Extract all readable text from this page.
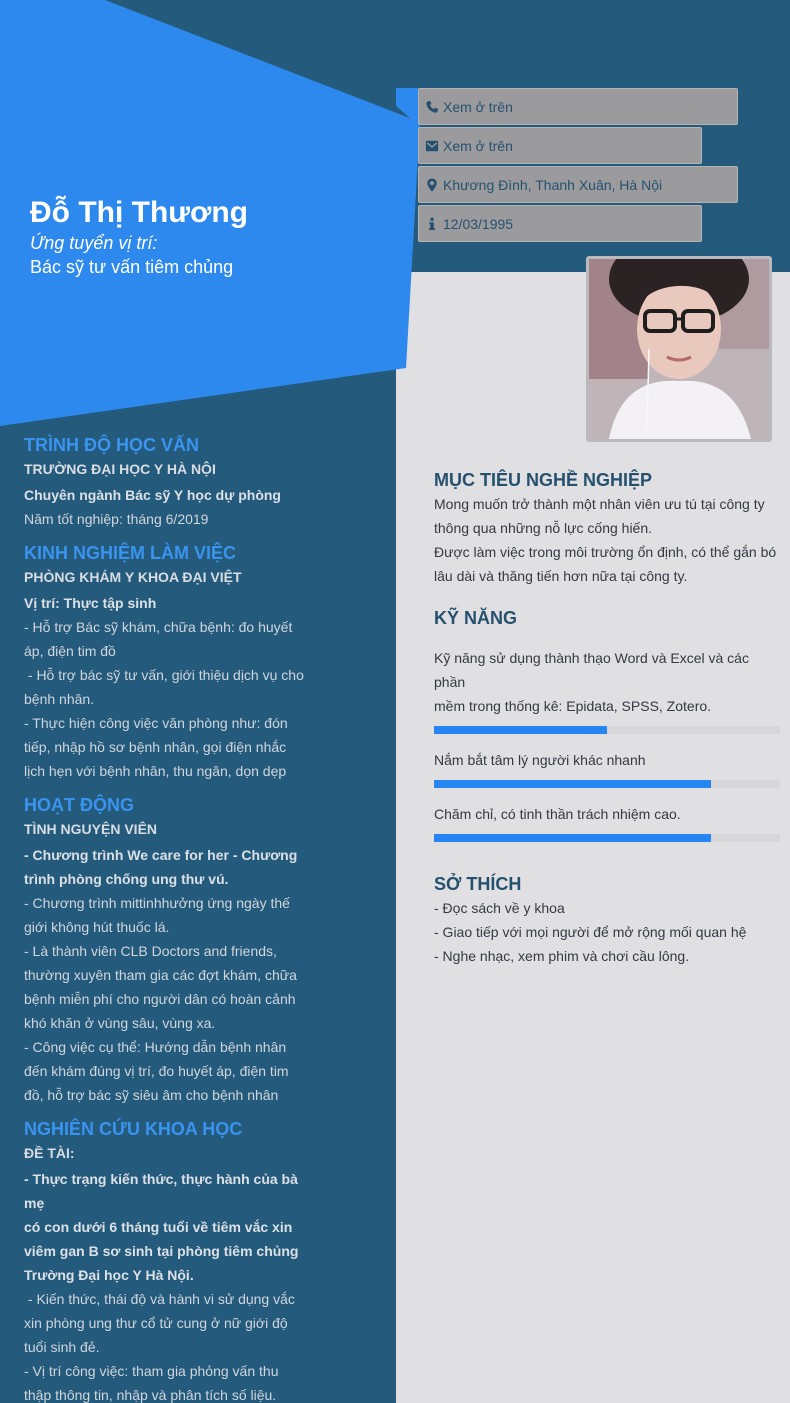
Đỗ Thị Thương
Ứng tuyển vị trí:
Bác sỹ tư vấn tiêm chủng
Xem ở trên
Xem ở trên
Khương Đình, Thanh Xuân, Hà Nội
12/03/1995
TRÌNH ĐỘ HỌC VẤN
TRƯỜNG ĐẠI HỌC Y HÀ NỘI
Chuyên ngành Bác sỹ Y học dự phòng
Năm tốt nghiệp: tháng 6/2019
KINH NGHIỆM LÀM VIỆC
PHÒNG KHÁM Y KHOA ĐẠI VIỆT
Vị trí: Thực tập sinh
- Hỗ trợ Bác sỹ khám, chữa bệnh: đo huyết
áp, điện tim đồ
- Hỗ trợ bác sỹ tư vấn, giới thiệu dịch vụ cho
bệnh nhân.
- Thực hiện công việc văn phòng như: đón
tiếp, nhập hồ sơ bệnh nhân, gọi điện nhắc
lịch hẹn với bệnh nhân, thu ngân, dọn dẹp
HOẠT ĐỘNG
TÌNH NGUYỆN VIÊN
- Chương trình We care for her - Chương
trình phòng chống ung thư vú.
- Chương trình mittinhhưởng ứng ngày thế
giới không hút thuốc lá.
- Là thành viên CLB Doctors and friends,
thường xuyên tham gia các đợt khám, chữa
bệnh miễn phí cho người dân có hoàn cảnh
khó khăn ở vùng sâu, vùng xa.
- Công việc cụ thể: Hướng dẫn bệnh nhân
đến khám đúng vị trí, đo huyết áp, điện tim
đồ, hỗ trợ bác sỹ siêu âm cho bệnh nhân
NGHIÊN CỨU KHOA HỌC
ĐỀ TÀI:
- Thực trạng kiến thức, thực hành của bà mẹ
có con dưới 6 tháng tuổi về tiêm vắc xin
viêm gan B sơ sinh tại phòng tiêm chủng
Trường Đại học Y Hà Nội.
- Kiến thức, thái độ và hành vi sử dụng vắc
xin phòng ung thư cổ tử cung ở nữ giới độ
tuổi sinh đẻ.
- Vị trí công việc: tham gia phỏng vấn thu
thập thông tin, nhập và phân tích số liệu.
MỤC TIÊU NGHỀ NGHIỆP
Mong muốn trở thành một nhân viên ưu tú tại công ty
thông qua những nỗ lực cống hiến.
Được làm việc trong môi trường ổn định, có thể gắn bó
lâu dài và thăng tiến hơn nữa tại công ty.
KỸ NĂNG
Kỹ năng sử dụng thành thạo Word và Excel và các phần
mềm trong thống kê: Epidata, SPSS, Zotero.
Nắm bắt tâm lý người khác nhanh
Chăm chỉ, có tinh thần trách nhiệm cao.
SỞ THÍCH
- Đọc sách về y khoa
- Giao tiếp với mọi người để mở rộng mối quan hệ
- Nghe nhạc, xem phim và chơi cầu lông.
